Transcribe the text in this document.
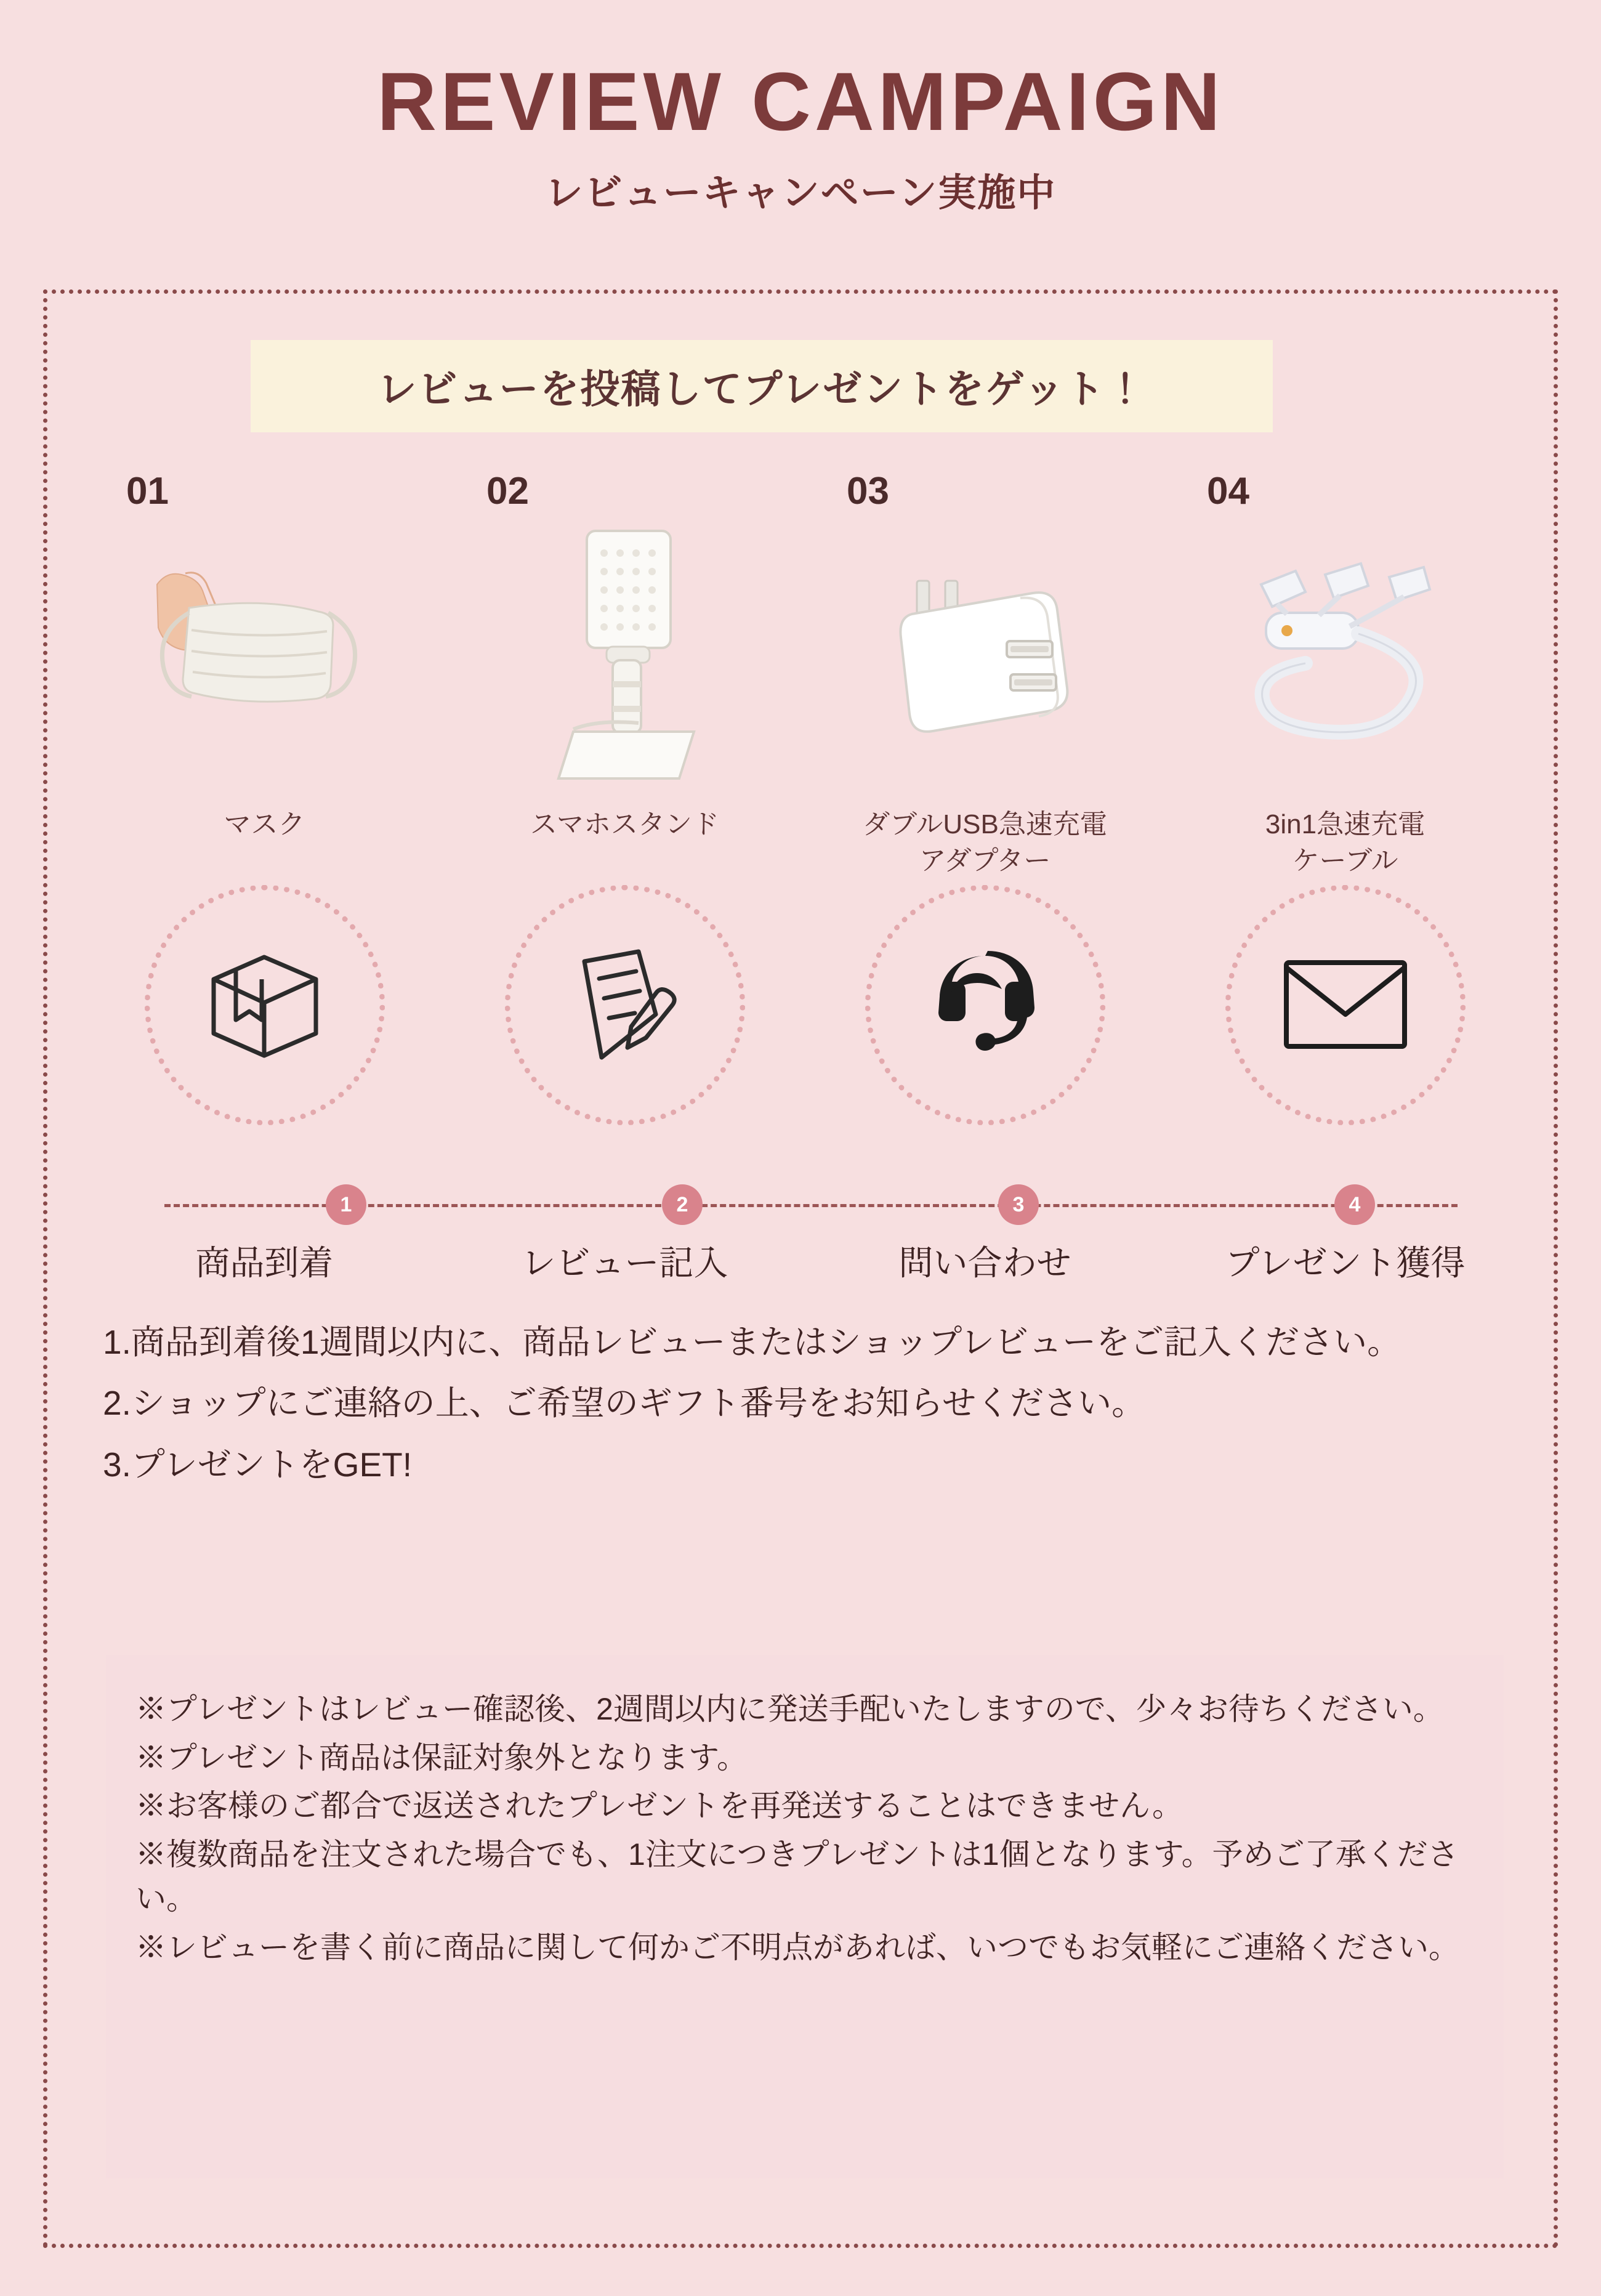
REVIEW CAMPAIGN
レビューキャンペーン実施中
レビューを投稿してプレゼントをゲット！
01
マスク
02
スマホスタンド
03
ダブルUSB急速充電
アダプター
04
3in1急速充電
ケーブル
1	2	3	4
商品到着	レビュー記入	問い合わせ	プレゼント獲得

1.商品到着後1週間以内に、商品レビューまたはショップレビューをご記入ください。

2.ショップにご連絡の上、ご希望のギフト番号をお知らせください。

3.プレゼントをGET!

※プレゼントはレビュー確認後、2週間以内に発送手配いたしますので、少々お待ちください。

※プレゼント商品は保証対象外となります。

※お客様のご都合で返送されたプレゼントを再発送することはできません。

※複数商品を注文された場合でも、1注文につきプレゼントは1個となります。予めご了承ください。

※レビューを書く前に商品に関して何かご不明点があれば、いつでもお気軽にご連絡ください。
